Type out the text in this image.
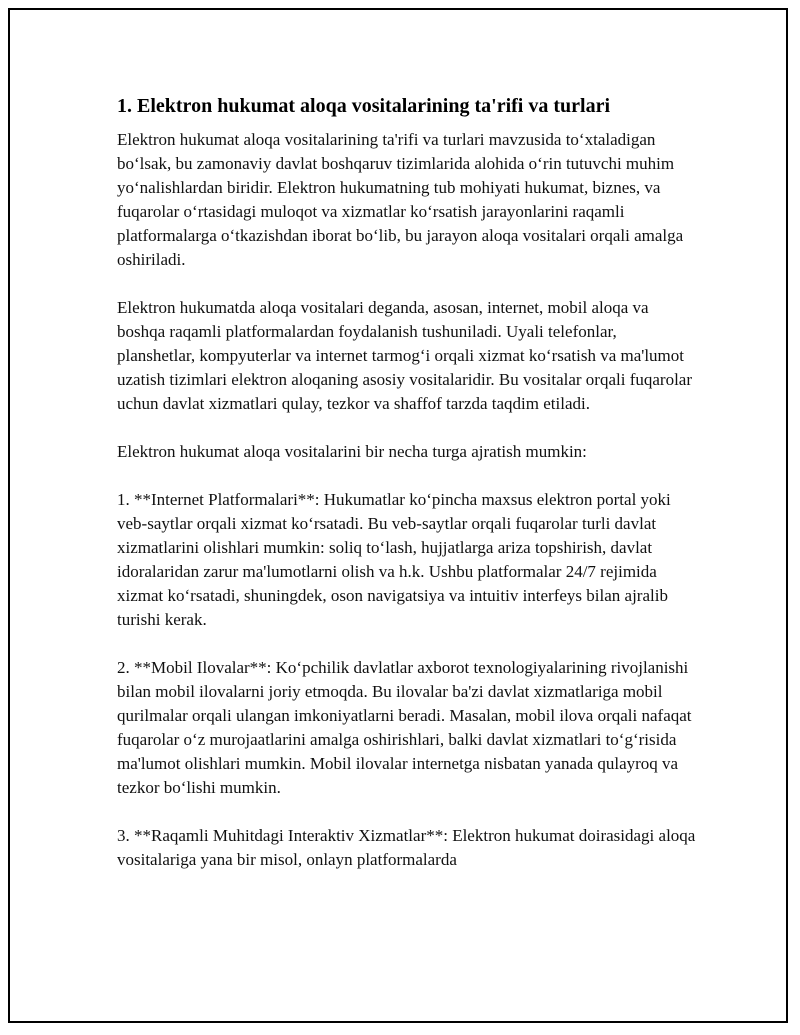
1. Elektron hukumat aloqa vositalarining ta'rifi va turlari

Elektron hukumat aloqa vositalarining ta'rifi va turlari mavzusida to‘xtaladigan bo‘lsak, bu zamonaviy davlat boshqaruv tizimlarida alohida o‘rin tutuvchi muhim yo‘nalishlardan biridir. Elektron hukumatning tub mohiyati hukumat, biznes, va fuqarolar o‘rtasidagi muloqot va xizmatlar ko‘rsatish jarayonlarini raqamli platformalarga o‘tkazishdan iborat bo‘lib, bu jarayon aloqa vositalari orqali amalga oshiriladi.

Elektron hukumatda aloqa vositalari deganda, asosan, internet, mobil aloqa va boshqa raqamli platformalardan foydalanish tushuniladi. Uyali telefonlar, planshetlar, kompyuterlar va internet tarmog‘i orqali xizmat ko‘rsatish va ma'lumot uzatish tizimlari elektron aloqaning asosiy vositalaridir. Bu vositalar orqali fuqarolar uchun davlat xizmatlari qulay, tezkor va shaffof tarzda taqdim etiladi.

Elektron hukumat aloqa vositalarini bir necha turga ajratish mumkin:

1. **Internet Platformalari**: Hukumatlar ko‘pincha maxsus elektron portal yoki veb-saytlar orqali xizmat ko‘rsatadi. Bu veb-saytlar orqali fuqarolar turli davlat xizmatlarini olishlari mumkin: soliq to‘lash, hujjatlarga ariza topshirish, davlat idoralaridan zarur ma'lumotlarni olish va h.k. Ushbu platformalar 24/7 rejimida xizmat ko‘rsatadi, shuningdek, oson navigatsiya va intuitiv interfeys bilan ajralib turishi kerak.

2. **Mobil Ilovalar**: Ko‘pchilik davlatlar axborot texnologiyalarining rivojlanishi bilan mobil ilovalarni joriy etmoqda. Bu ilovalar ba'zi davlat xizmatlariga mobil qurilmalar orqali ulangan imkoniyatlarni beradi. Masalan, mobil ilova orqali nafaqat fuqarolar o‘z murojaatlarini amalga oshirishlari, balki davlat xizmatlari to‘g‘risida ma'lumot olishlari mumkin. Mobil ilovalar internetga nisbatan yanada qulayroq va tezkor bo‘lishi mumkin.

3. **Raqamli Muhitdagi Interaktiv Xizmatlar**: Elektron hukumat doirasidagi aloqa vositalariga yana bir misol, onlayn platformalarda
